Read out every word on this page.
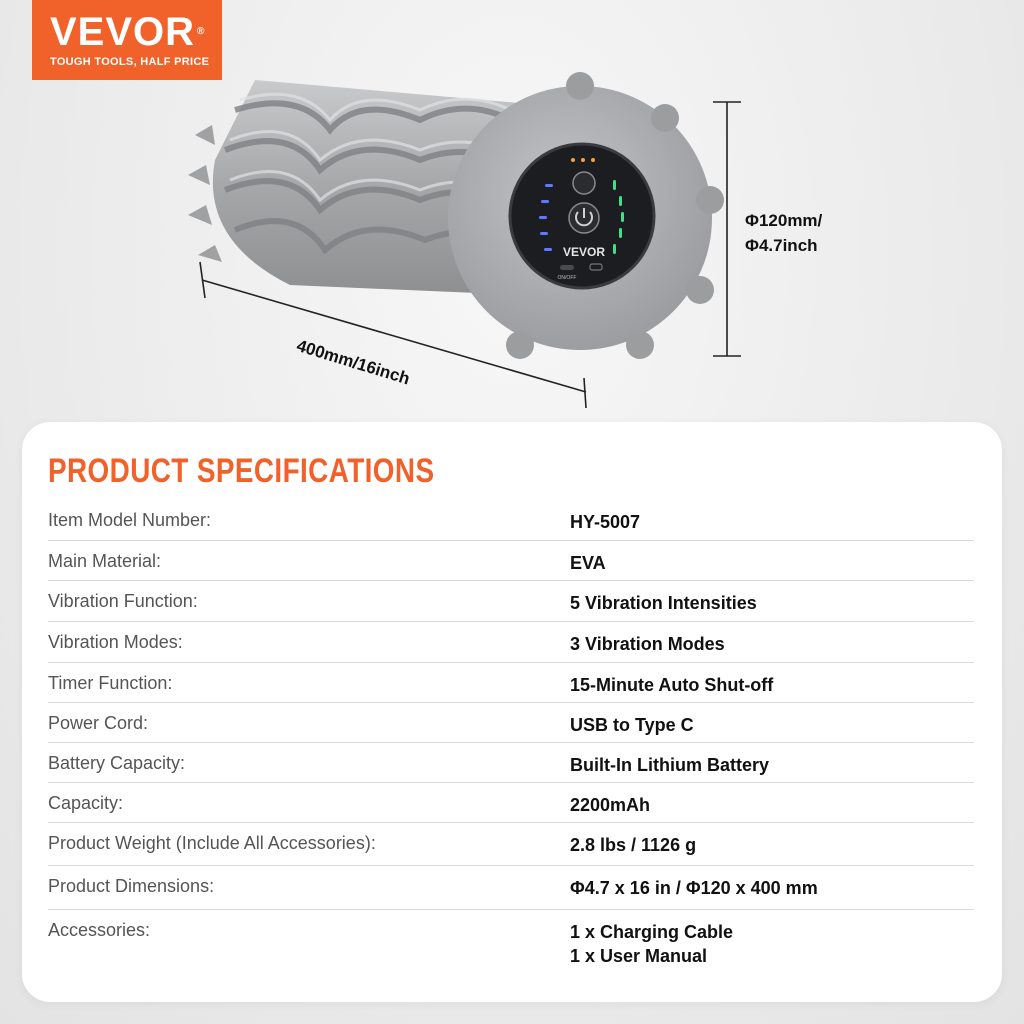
VEVOR ®
TOUGH TOOLS, HALF PRICE
VEVOR
ON/OFF
400mm/16inch
Φ120mm/
Φ4.7inch
PRODUCT SPECIFICATIONS
Item Model Number:	HY-5007
Main Material:	EVA
Vibration Function:	5 Vibration Intensities
Vibration Modes:	3 Vibration Modes
Timer Function:	15-Minute Auto Shut-off
Power Cord:	USB to Type C
Battery Capacity:	Built-In Lithium Battery
Capacity:	2200mAh
Product Weight (Include All Accessories):	2.8 lbs / 1126 g
Product Dimensions:	Φ4.7 x 16 in / Φ120 x 400 mm
Accessories:	1 x Charging Cable
1 x User Manual
